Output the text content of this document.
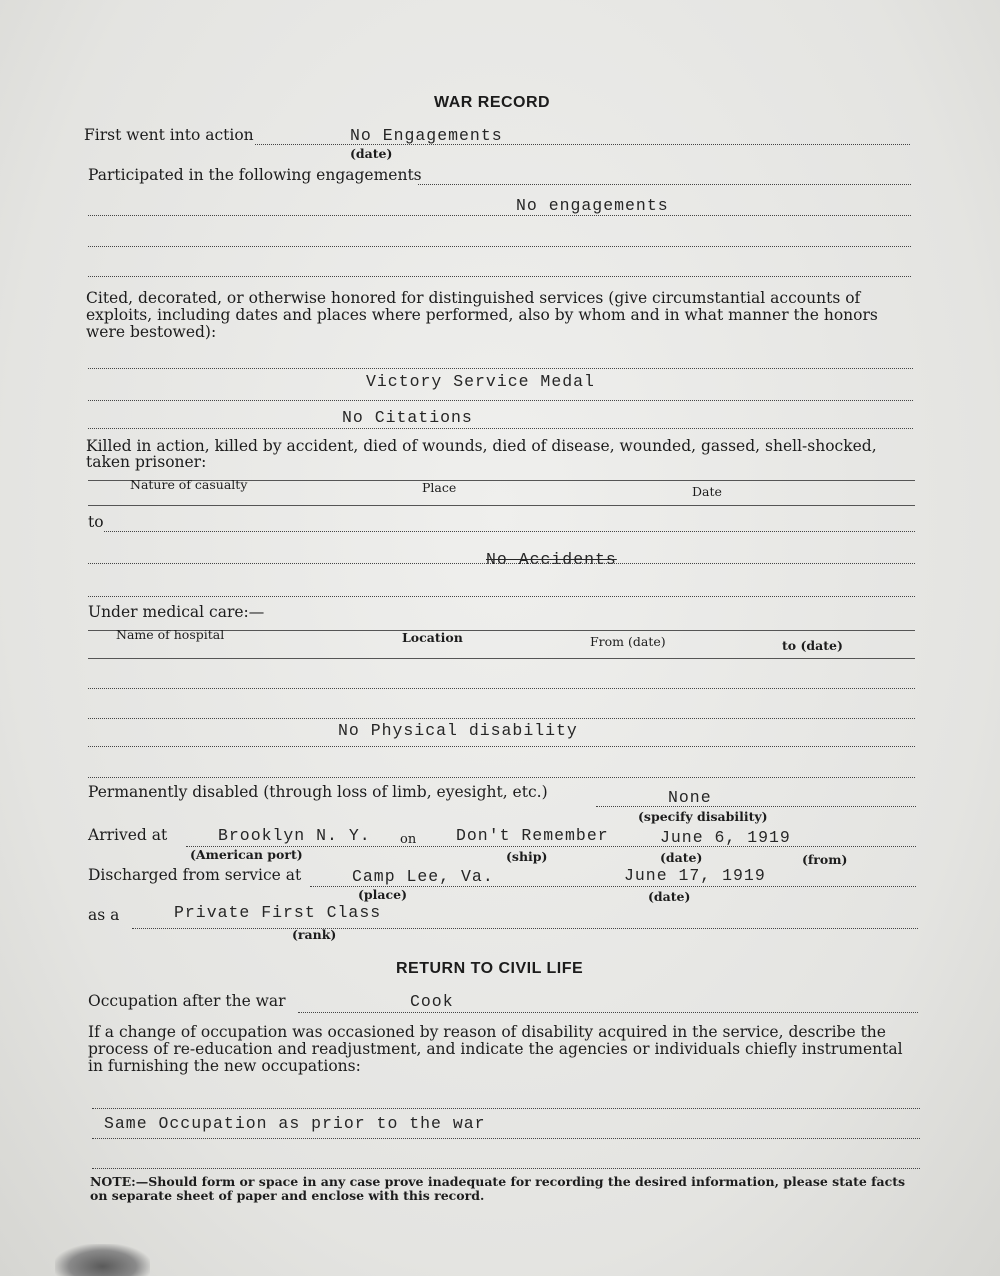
WAR RECORD
First went into action	No Engagements
(date)
Participated in the following engagements
No engagements
Cited, decorated, or otherwise honored for distinguished services (give circumstantial accounts of exploits, including dates and places where performed, also by whom and in what manner the honors were bestowed):
Victory Service Medal
No Citations
Killed in action, killed by accident, died of wounds, died of disease, wounded, gassed, shell-shocked, taken prisoner:
Nature of casualty	Place	Date
to
No Accidents
Under medical care:—
Name of hospital	Location	From (date)	to (date)
No Physical disability
Permanently disabled (through loss of limb, eyesight, etc.)	None
(specify disability)
Arrived at	Brooklyn N. Y. on Don't Remember	June 6, 1919
(American port)	(ship)	(date)	(from)
Discharged from service at	Camp Lee, Va.	June 17, 1919
(place)	(date)
as a	Private First Class
(rank)
RETURN TO CIVIL LIFE
Occupation after the war	Cook
If a change of occupation was occasioned by reason of disability acquired in the service, describe the process of re-education and readjustment, and indicate the agencies or individuals chiefly instrumental in furnishing the new occupations:
Same Occupation as prior to the war
NOTE:—Should form or space in any case prove inadequate for recording the desired information, please state facts on separate sheet of paper and enclose with this record.
